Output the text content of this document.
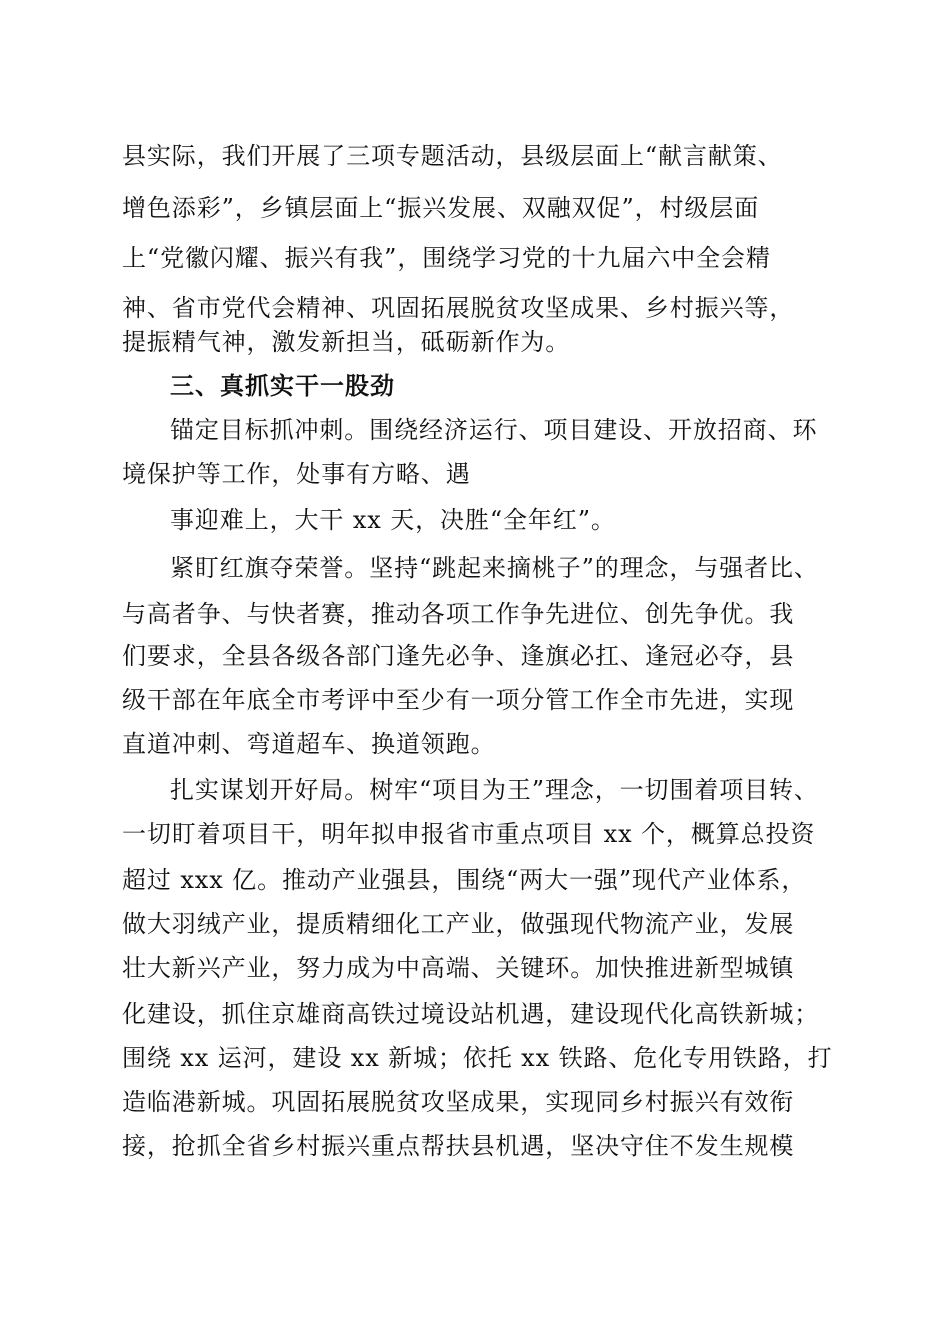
县实际，我们开展了三项专题活动，县级层面上“献言献策、
增色添彩”，乡镇层面上“振兴发展、双融双促”，村级层面
上“党徽闪耀、振兴有我”，围绕学习党的十九届六中全会精
神、省市党代会精神、巩固拓展脱贫攻坚成果、乡村振兴等，
提振精气神，激发新担当，砥砺新作为。
三、真抓实干一股劲
锚定目标抓冲刺。围绕经济运行、项目建设、开放招商、环
境保护等工作，处事有方略、遇
事迎难上，大干 xx 天，决胜“全年红”。
紧盯红旗夺荣誉。坚持“跳起来摘桃子”的理念，与强者比、
与高者争、与快者赛，推动各项工作争先进位、创先争优。我
们要求，全县各级各部门逢先必争、逢旗必扛、逢冠必夺，县
级干部在年底全市考评中至少有一项分管工作全市先进，实现
直道冲刺、弯道超车、换道领跑。
扎实谋划开好局。树牢“项目为王”理念，一切围着项目转、
一切盯着项目干，明年拟申报省市重点项目 xx 个，概算总投资
超过 xxx 亿。推动产业强县，围绕“两大一强”现代产业体系，
做大羽绒产业，提质精细化工产业，做强现代物流产业，发展
壮大新兴产业，努力成为中高端、关键环。加快推进新型城镇
化建设，抓住京雄商高铁过境设站机遇，建设现代化高铁新城；
围绕 xx 运河，建设 xx 新城；依托 xx 铁路、危化专用铁路，打
造临港新城。巩固拓展脱贫攻坚成果，实现同乡村振兴有效衔
接，抢抓全省乡村振兴重点帮扶县机遇，坚决守住不发生规模
